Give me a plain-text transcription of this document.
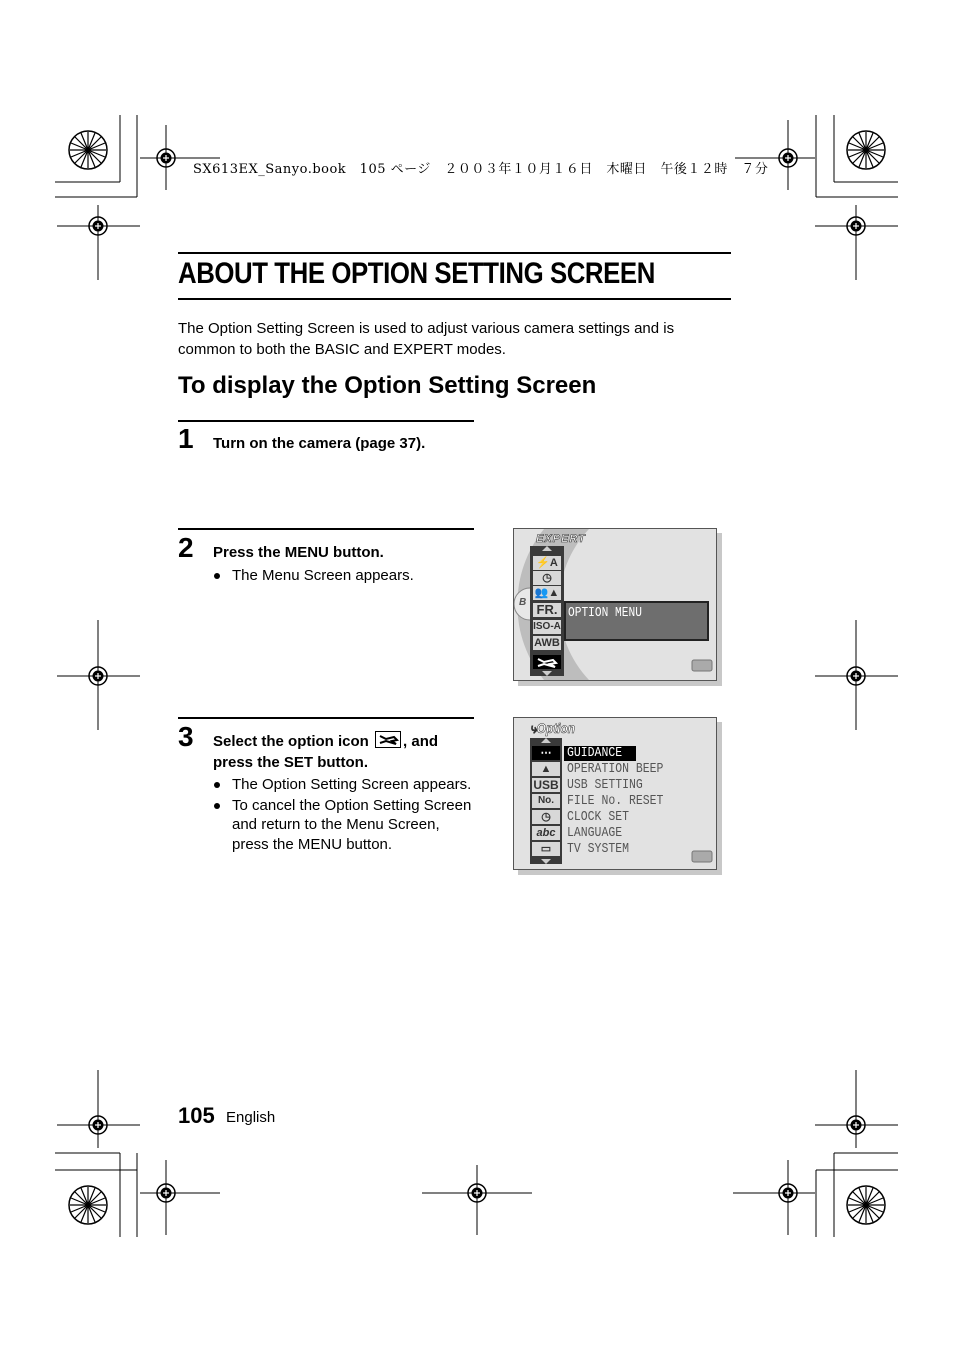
SX613EX_Sanyo.book　105 ページ　２００３年１０月１６日　木曜日　午後１２時　７分
ABOUT THE OPTION SETTING SCREEN
The Option Setting Screen is used to adjust various camera settings and is common to both the BASIC and EXPERT modes.
To display the Option Setting Screen
1 Turn on the camera (page 37).
2 Press the MENU button.
The Menu Screen appears.
3 Select the option icon , and press the SET button.
The Option Setting Screen appears.
To cancel the Option Setting Screen and return to the Menu Screen, press the MENU button.
EXPERT
B
⚡A
◷
👥▲
FR.
ISO-A
AWB
OPTION MENU
⤷Option
⋯
▲
USB
No.
◷
abc
▭
GUIDANCE
OPERATION BEEP
USB SETTING
FILE No. RESET
CLOCK SET
LANGUAGE
TV SYSTEM
105 English
